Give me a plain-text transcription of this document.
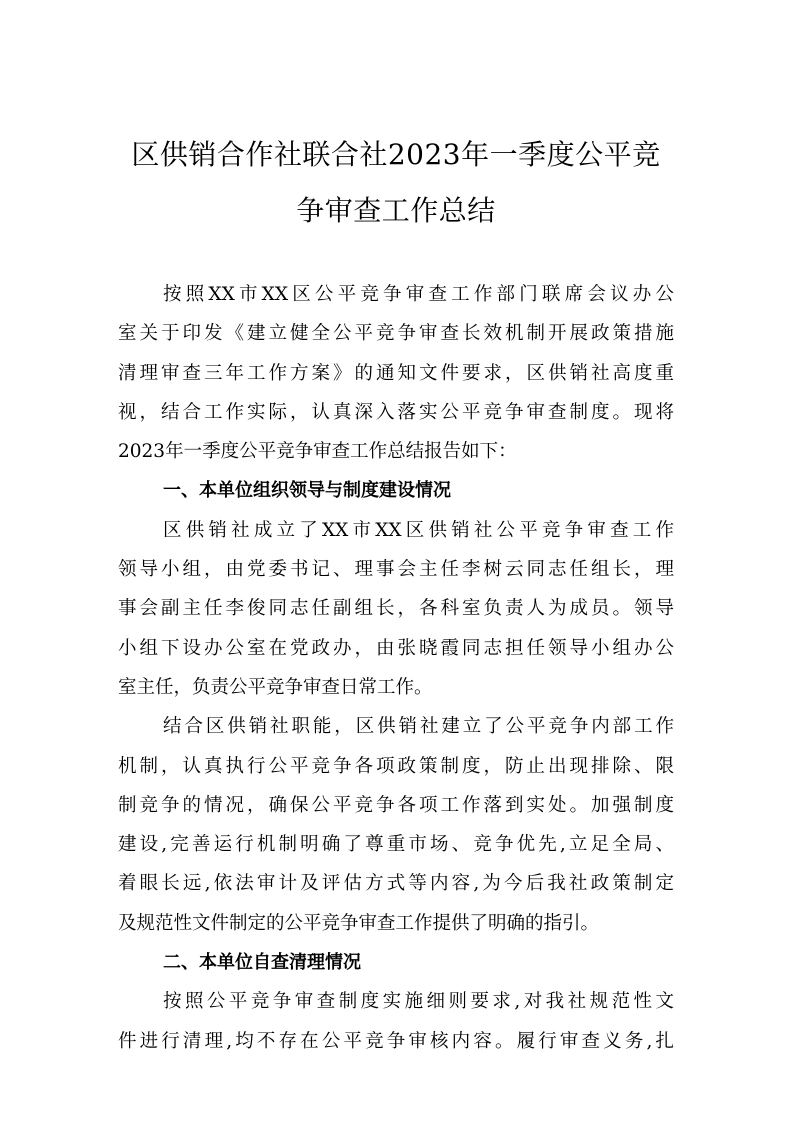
区供销合作社联合社2023年一季度公平竞
争审查工作总结
按照XX市XX区公平竞争审查工作部门联席会议办公
室关于印发《建立健全公平竞争审查长效机制开展政策措施
清理审查三年工作方案》的通知文件要求，区供销社高度重
视，结合工作实际，认真深入落实公平竞争审查制度。现将
2023年一季度公平竞争审查工作总结报告如下：
一、本单位组织领导与制度建设情况
区供销社成立了XX市XX区供销社公平竞争审查工作
领导小组，由党委书记、理事会主任李树云同志任组长，理
事会副主任李俊同志任副组长，各科室负责人为成员。领导
小组下设办公室在党政办，由张晓霞同志担任领导小组办公
室主任，负责公平竞争审查日常工作。
结合区供销社职能，区供销社建立了公平竞争内部工作
机制，认真执行公平竞争各项政策制度，防止出现排除、限
制竞争的情况，确保公平竞争各项工作落到实处。加强制度
建设,完善运行机制明确了尊重市场、竞争优先,立足全局、
着眼长远,依法审计及评估方式等内容,为今后我社政策制定
及规范性文件制定的公平竞争审查工作提供了明确的指引。
二、本单位自查清理情况
按照公平竞争审查制度实施细则要求,对我社规范性文
件进行清理,均不存在公平竞争审核内容。履行审查义务,扎
